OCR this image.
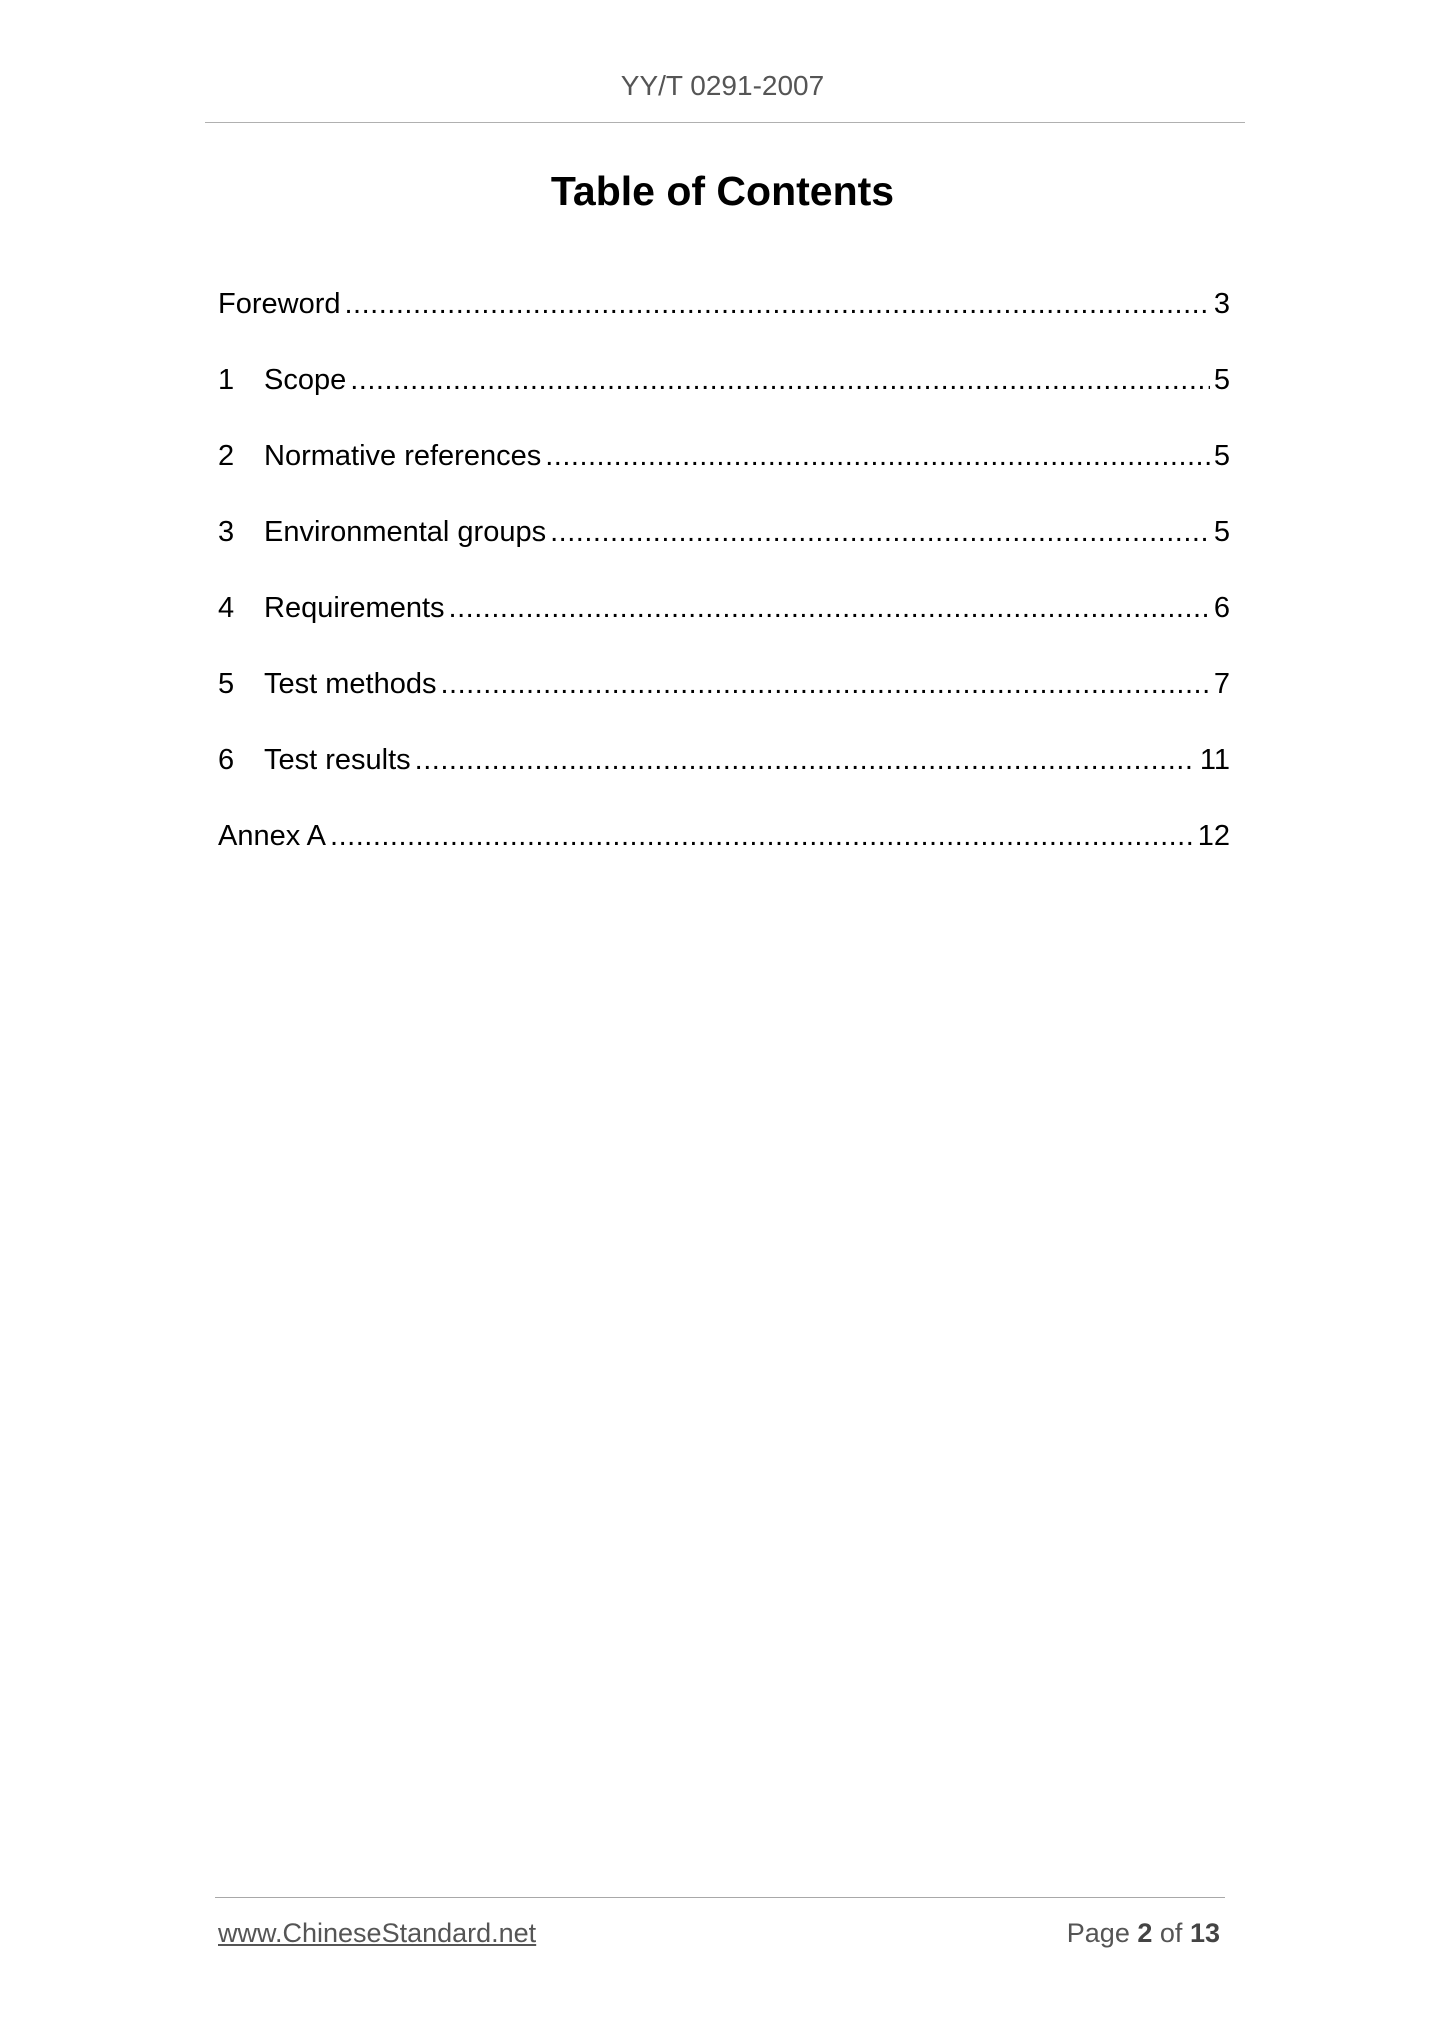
YY/T 0291-2007
Table of Contents
Foreword .....	3
1	Scope .....	5
2	Normative references .....	5
3	Environmental groups .....	5
4	Requirements .....	6
5	Test methods .....	7
6	Test results .....	11
Annex A .....	12
www.ChineseStandard.net	Page 2 of 13
